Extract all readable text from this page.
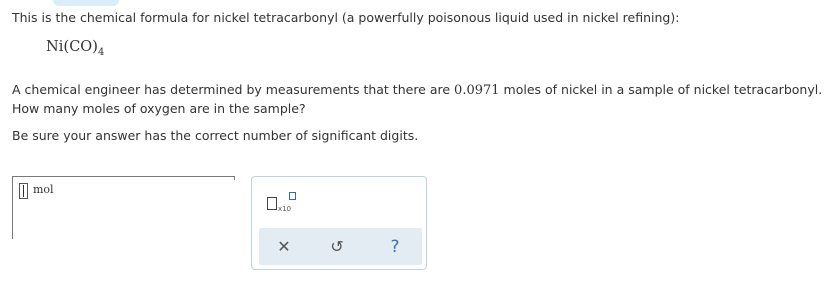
This is the chemical formula for nickel tetracarbonyl (a powerfully poisonous liquid used in nickel refining):
$Ni(CO)_4$
A chemical engineer has determined by measurements that there are 0.0971 moles of nickel in a sample of nickel tetracarbonyl.
How many moles of oxygen are in the sample?
Be sure your answer has the correct number of significant digits.
mol
x10
✕ ↺	?
